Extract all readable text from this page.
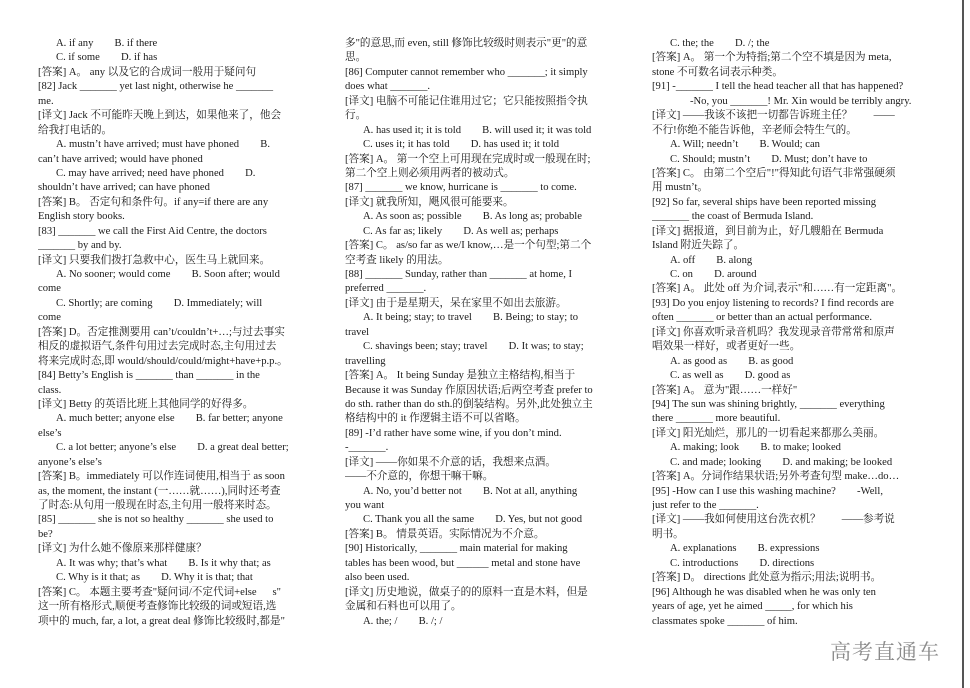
A. if any        B. if there
C. if some        D. if has
[答案] A。 any 以及它的合成词一般用于疑问句
[82] Jack _______ yet last night, otherwise he _______
me.
[译文] Jack 不可能昨天晚上到达，如果他来了，他会
给我打电话的。
A. mustn’t have arrived; must have phoned        B.
can’t have arrived; would have phoned
C. may have arrived; need have phoned        D.
shouldn’t have arrived; can have phoned
[答案] B。 否定句和条件句。if any=if there are any
English story books.
[83] _______ we call the First Aid Centre, the doctors
_______ by and by.
[译文] 只要我们拨打急救中心，医生马上就回来。
A. No sooner; would come        B. Soon after; would
come
C. Shortly; are coming        D. Immediately; will
come
[答案] D。否定推测要用 can’t/couldn’t+…;与过去事实
相反的虚拟语气,条件句用过去完成时态,主句用过去
将来完成时态,即 would/should/could/might+have+p.p.。
[84] Betty’s English is _______ than _______ in the
class.
[译文] Betty 的英语比班上其他同学的好得多。
A. much better; anyone else        B. far better; anyone
else’s
C. a lot better; anyone’s else        D. a great deal better;
anyone’s else’s
[答案] B。immediately 可以作连词使用,相当于 as soon
as, the moment, the instant (一……就……),同时还考查
了时态:从句用一般现在时态,主句用一般将来时态。
[85] _______ she is not so healthy _______ she used to
be?
[译文] 为什么她不像原来那样健康？
A. It was why; that’s what        B. Is it why that; as
C. Why is it that; as        D. Why it is that; that
[答案] C。 本题主要考查"疑问词/不定代词+else      s"
这一所有格形式,顺便考查修饰比较级的词或短语,选
项中的 much, far, a lot, a great deal 修饰比较级时,都是"
多"的意思,而 even, still 修饰比较级时则表示"更"的意
思。
[86] Computer cannot remember who _______; it simply
does what _______.
[译文] 电脑不可能记住谁用过它；它只能按照指令执
行。
A. has used it; it is told        B. will used it; it was told
C. uses it; it has told        D. has used it; it told
[答案] A。 第一个空上可用现在完成时或一般现在时;
第二个空上则必须用两者的被动式。
[87] _______ we know, hurricane is _______ to come.
[译文] 就我所知，飓风很可能要来。
A. As soon as; possible        B. As long as; probable
C. As far as; likely        D. As well as; perhaps
[答案] C。 as/so far as we/I know,…是一个句型;第二个
空考查 likely 的用法。
[88] _______ Sunday, rather than _______ at home, I
preferred _______.
[译文] 由于是星期天，呆在家里不如出去旅游。
A. It being; stay; to travel        B. Being; to stay; to
travel
C. shavings been; stay; travel        D. It was; to stay;
travelling
[答案] A。 It being Sunday 是独立主格结构,相当于
Because it was Sunday 作原因状语;后两空考查 prefer to
do sth. rather than do sth.的倒装结构。另外,此处独立主
格结构中的 it 作逻辑主语不可以省略。
[89] -I’d rather have some wine, if you don’t mind.
-_______.
[译文] ——你如果不介意的话，我想来点酒。
——不介意的，你想干嘛干嘛。
A. No, you’d better not        B. Not at all, anything
you want
C. Thank you all the same        D. Yes, but not good
[答案] B。 情景英语。实际情况为不介意。
[90] Historically, _______ main material for making
tables has been wood, but ______ metal and stone have
also been used.
[译文] 历史地说，做桌子的的原料一直是木料，但是
金属和石料也可以用了。
A. the; /        B. /; /
C. the; the        D. /; the
[答案] A。 第一个为特指;第二个空不填是因为 meta,
stone 不可数名词表示种类。
[91] -_______ I tell the head teacher all that has happened?
-No, you _______! Mr. Xin would be terribly angry.
[译文] ——我该不该把一切都告诉班主任？        ——
不行!你绝不能告诉他，辛老师会特生气的。
A. Will; needn’t        B. Would; can
C. Should; mustn’t        D. Must; don’t have to
[答案] C。 由第二个空后"!"得知此句语气非常强硬须
用 mustn’t。
[92] So far, several ships have been reported missing
_______ the coast of Bermuda Island.
[译文] 据报道，到目前为止，好几艘船在 Bermuda
Island 附近失踪了。
A. off        B. along
C. on        D. around
[答案] A。 此处 off 为介词,表示"和……有一定距离"。
[93] Do you enjoy listening to records? I find records are
often _______ or better than an actual performance.
[译文] 你喜欢听录音机吗？我发现录音带常常和原声
唱效果一样好，或者更好一些。
A. as good as        B. as good
C. as well as        D. good as
[答案] A。 意为"跟……一样好"
[94] The sun was shining brightly, _______ everything
there _______ more beautiful.
[译文] 阳光灿烂，那儿的一切看起来都那么美丽。
A. making; look        B. to make; looked
C. and made; looking        D. and making; be looked
[答案] A。分词作结果状语;另外考查句型 make…do…
[95] -How can I use this washing machine?        -Well,
just refer to the _______.
[译文] ——我如何使用这台洗衣机？        ——参考说
明书。
A. explanations        B. expressions
C. introductions        D. directions
[答案] D。 directions 此处意为指示;用法;说明书。
[96] Although he was disabled when he was only ten
years of age, yet he aimed _____, for which his
classmates spoke _______ of him.
高考直通车
